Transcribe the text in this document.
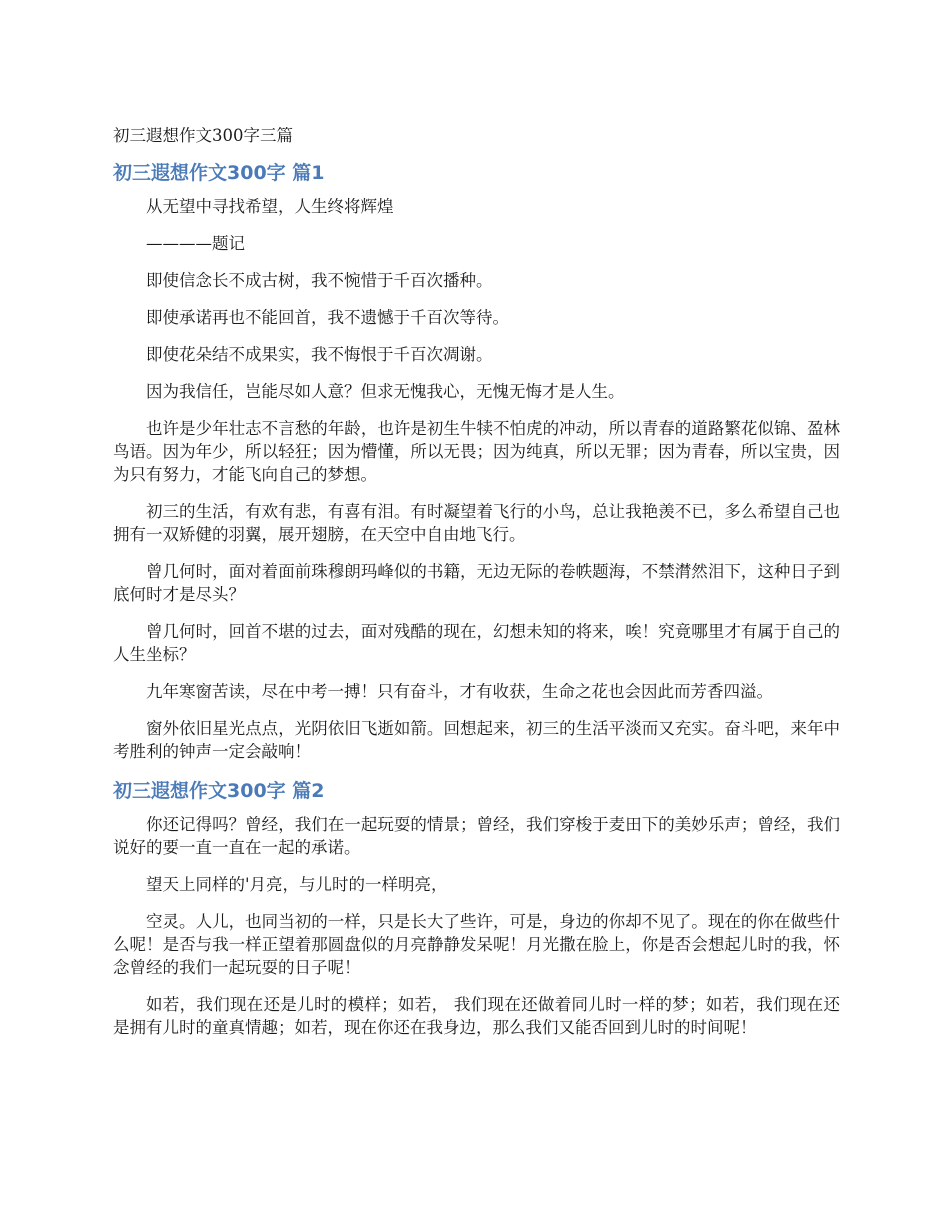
初三遐想作文300字三篇
初三遐想作文300字 篇1

从无望中寻找希望，人生终将辉煌

————题记

即使信念长不成古树，我不惋惜于千百次播种。

即使承诺再也不能回首，我不遗憾于千百次等待。

即使花朵结不成果实，我不悔恨于千百次凋谢。

因为我信任，岂能尽如人意？但求无愧我心，无愧无悔才是人生。

也许是少年壮志不言愁的年龄，也许是初生牛犊不怕虎的冲动，所以青春的道路繁花似锦、盈林鸟语。因为年少，所以轻狂；因为懵懂，所以无畏；因为纯真，所以无罪；因为青春，所以宝贵，因为只有努力，才能飞向自己的梦想。

初三的生活，有欢有悲，有喜有泪。有时凝望着飞行的小鸟，总让我艳羡不已，多么希望自己也拥有一双矫健的羽翼，展开翅膀，在天空中自由地飞行。

曾几何时，面对着面前珠穆朗玛峰似的书籍，无边无际的卷帙题海，不禁潸然泪下，这种日子到底何时才是尽头？

曾几何时，回首不堪的过去，面对残酷的现在，幻想未知的将来，唉！究竟哪里才有属于自己的人生坐标？

九年寒窗苦读，尽在中考一搏！只有奋斗，才有收获，生命之花也会因此而芳香四溢。

窗外依旧星光点点，光阴依旧飞逝如箭。回想起来，初三的生活平淡而又充实。奋斗吧，来年中考胜利的钟声一定会敲响！

初三遐想作文300字 篇2

你还记得吗？曾经，我们在一起玩耍的情景；曾经，我们穿梭于麦田下的美妙乐声；曾经，我们说好的要一直一直在一起的承诺。

望天上同样的'月亮，与儿时的一样明亮，

空灵。人儿，也同当初的一样，只是长大了些许，可是，身边的你却不见了。现在的你在做些什么呢！是否与我一样正望着那圆盘似的月亮静静发呆呢！月光撒在脸上，你是否会想起儿时的我，怀念曾经的我们一起玩耍的日子呢！

如若，我们现在还是儿时的模样；如若， 我们现在还做着同儿时一样的梦；如若，我们现在还是拥有儿时的童真情趣；如若，现在你还在我身边，那么我们又能否回到儿时的时间呢！
